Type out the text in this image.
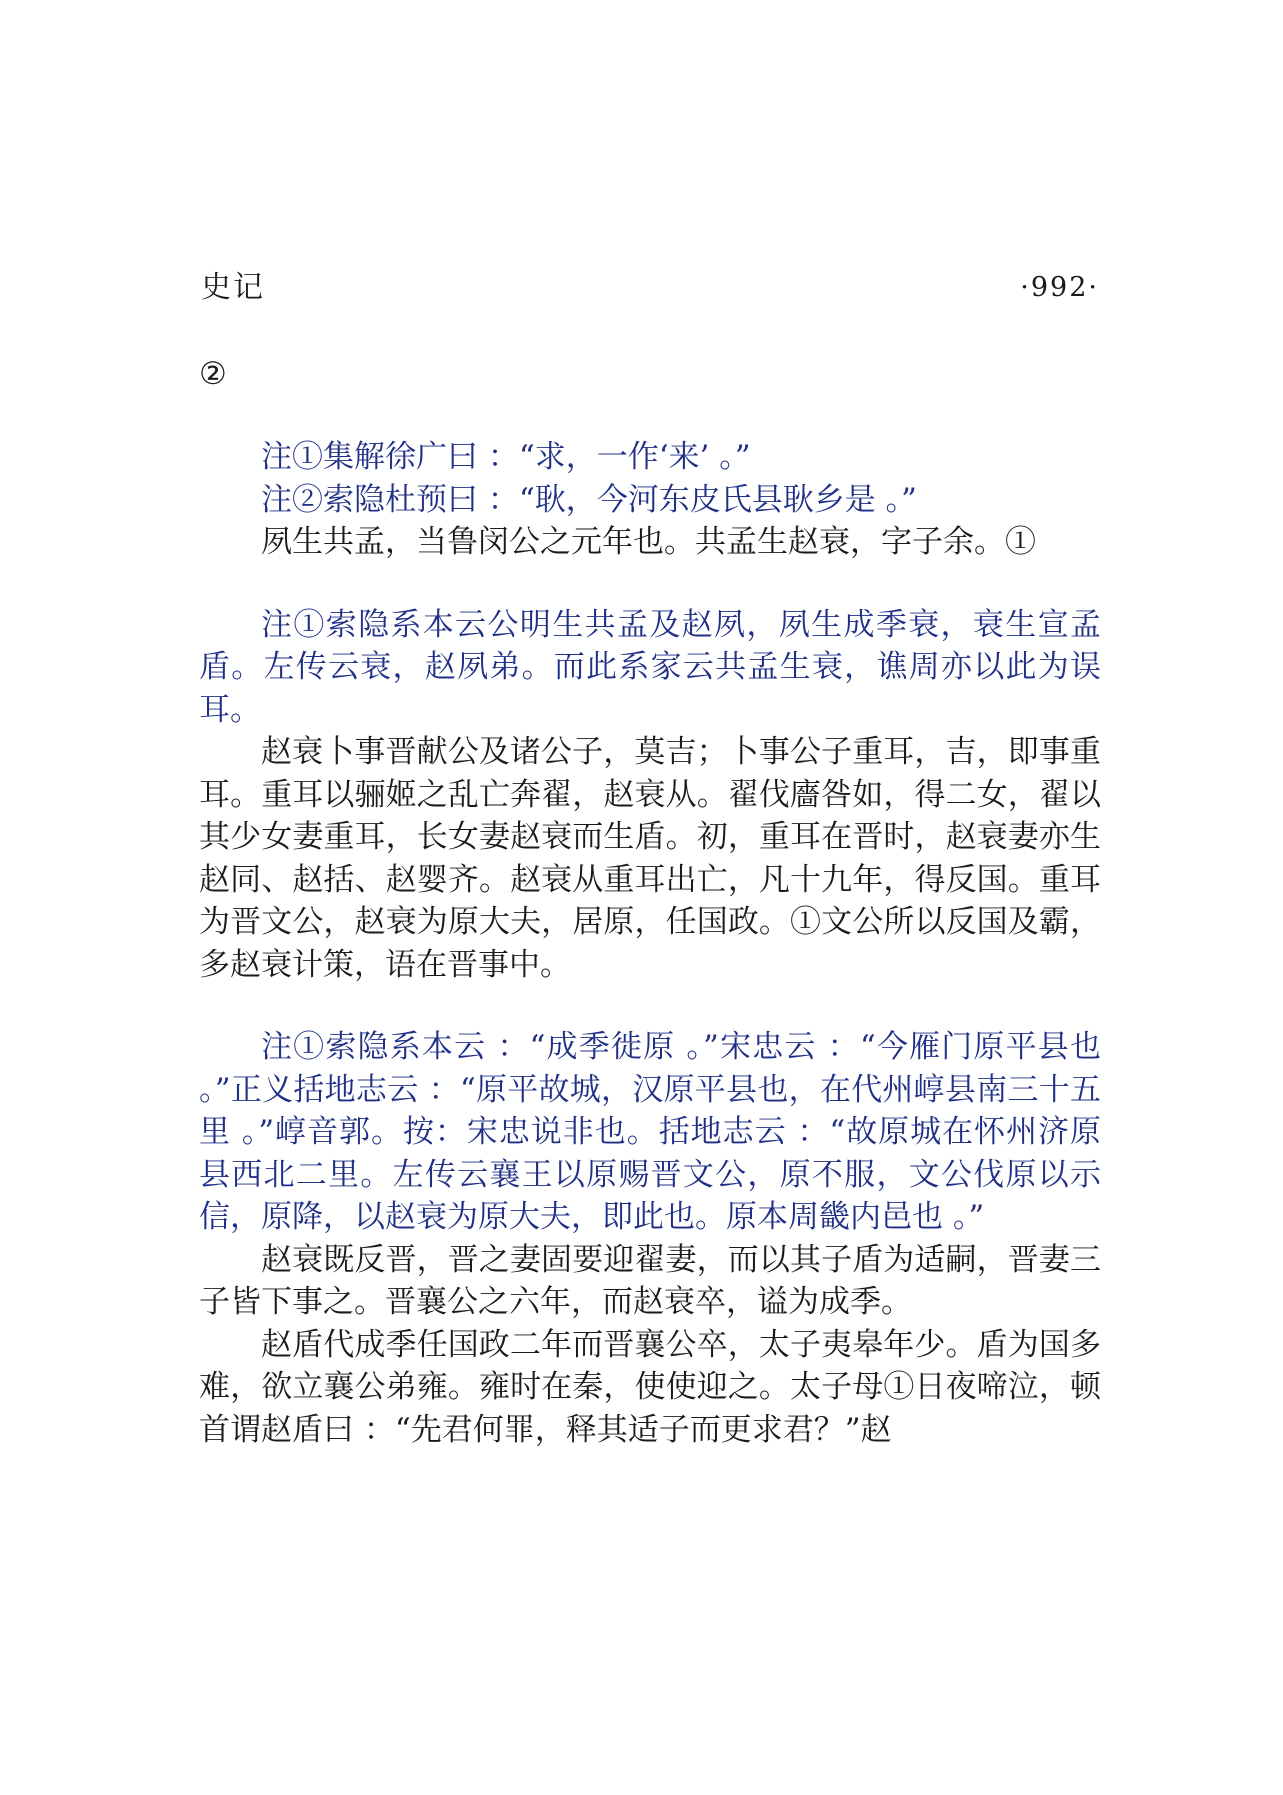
史记	·992·
②

注①集解徐广曰 ：“求，一作‘来’ 。”

注②索隐杜预曰 ：“耿，今河东皮氏县耿乡是 。”

夙生共孟，当鲁闵公之元年也。共孟生赵衰，字子余。①

注①索隐系本云公明生共孟及赵夙，夙生成季衰，衰生宣孟盾。左传云衰，赵夙弟。而此系家云共孟生衰，谯周亦以此为误耳。

赵衰卜事晋献公及诸公子，莫吉；卜事公子重耳，吉，即事重耳。重耳以骊姬之乱亡奔翟，赵衰从。翟伐廧咎如，得二女，翟以其少女妻重耳，长女妻赵衰而生盾。初，重耳在晋时，赵衰妻亦生赵同、赵括、赵婴齐。赵衰从重耳出亡，凡十九年，得反国。重耳为晋文公，赵衰为原大夫，居原，任国政。①文公所以反国及霸，多赵衰计策，语在晋事中。

注①索隐系本云 ：“成季徙原 。”宋忠云 ：“今雁门原平县也 。”正义括地志云 ：“原平故城，汉原平县也，在代州崞县南三十五里 。”崞音郭。按：宋忠说非也。括地志云 ：“故原城在怀州济原县西北二里。左传云襄王以原赐晋文公，原不服，文公伐原以示信，原降，以赵衰为原大夫，即此也。原本周畿内邑也 。”

赵衰既反晋，晋之妻固要迎翟妻，而以其子盾为适嗣，晋妻三子皆下事之。晋襄公之六年，而赵衰卒，谥为成季。

赵盾代成季任国政二年而晋襄公卒，太子夷皋年少。盾为国多难，欲立襄公弟雍。雍时在秦，使使迎之。太子母①日夜啼泣，顿首谓赵盾曰 ：“先君何罪，释其适子而更求君？”赵
